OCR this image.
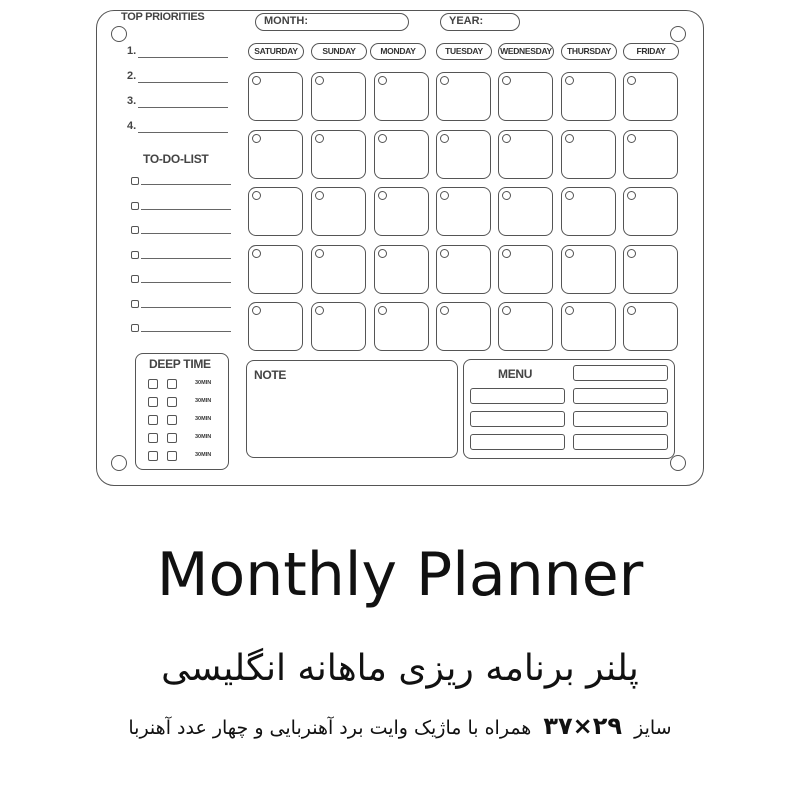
TOP PRIORITIES
1.
2.
3.
4.
TO-DO-LIST
MONTH:	YEAR:
SATURDAY	SUNDAY	MONDAY	TUESDAY	WEDNESDAY	THURSDAY	FRIDAY
DEEP TIME
30MIN
30MIN
30MIN
30MIN
30MIN
NOTE	MENU
Monthly Planner
پلنر برنامه ریزی ماهانه انگلیسی
سایز ۲۹×۳۷ همراه با ماژیک وایت برد آهنربایی و چهار عدد آهنربا
